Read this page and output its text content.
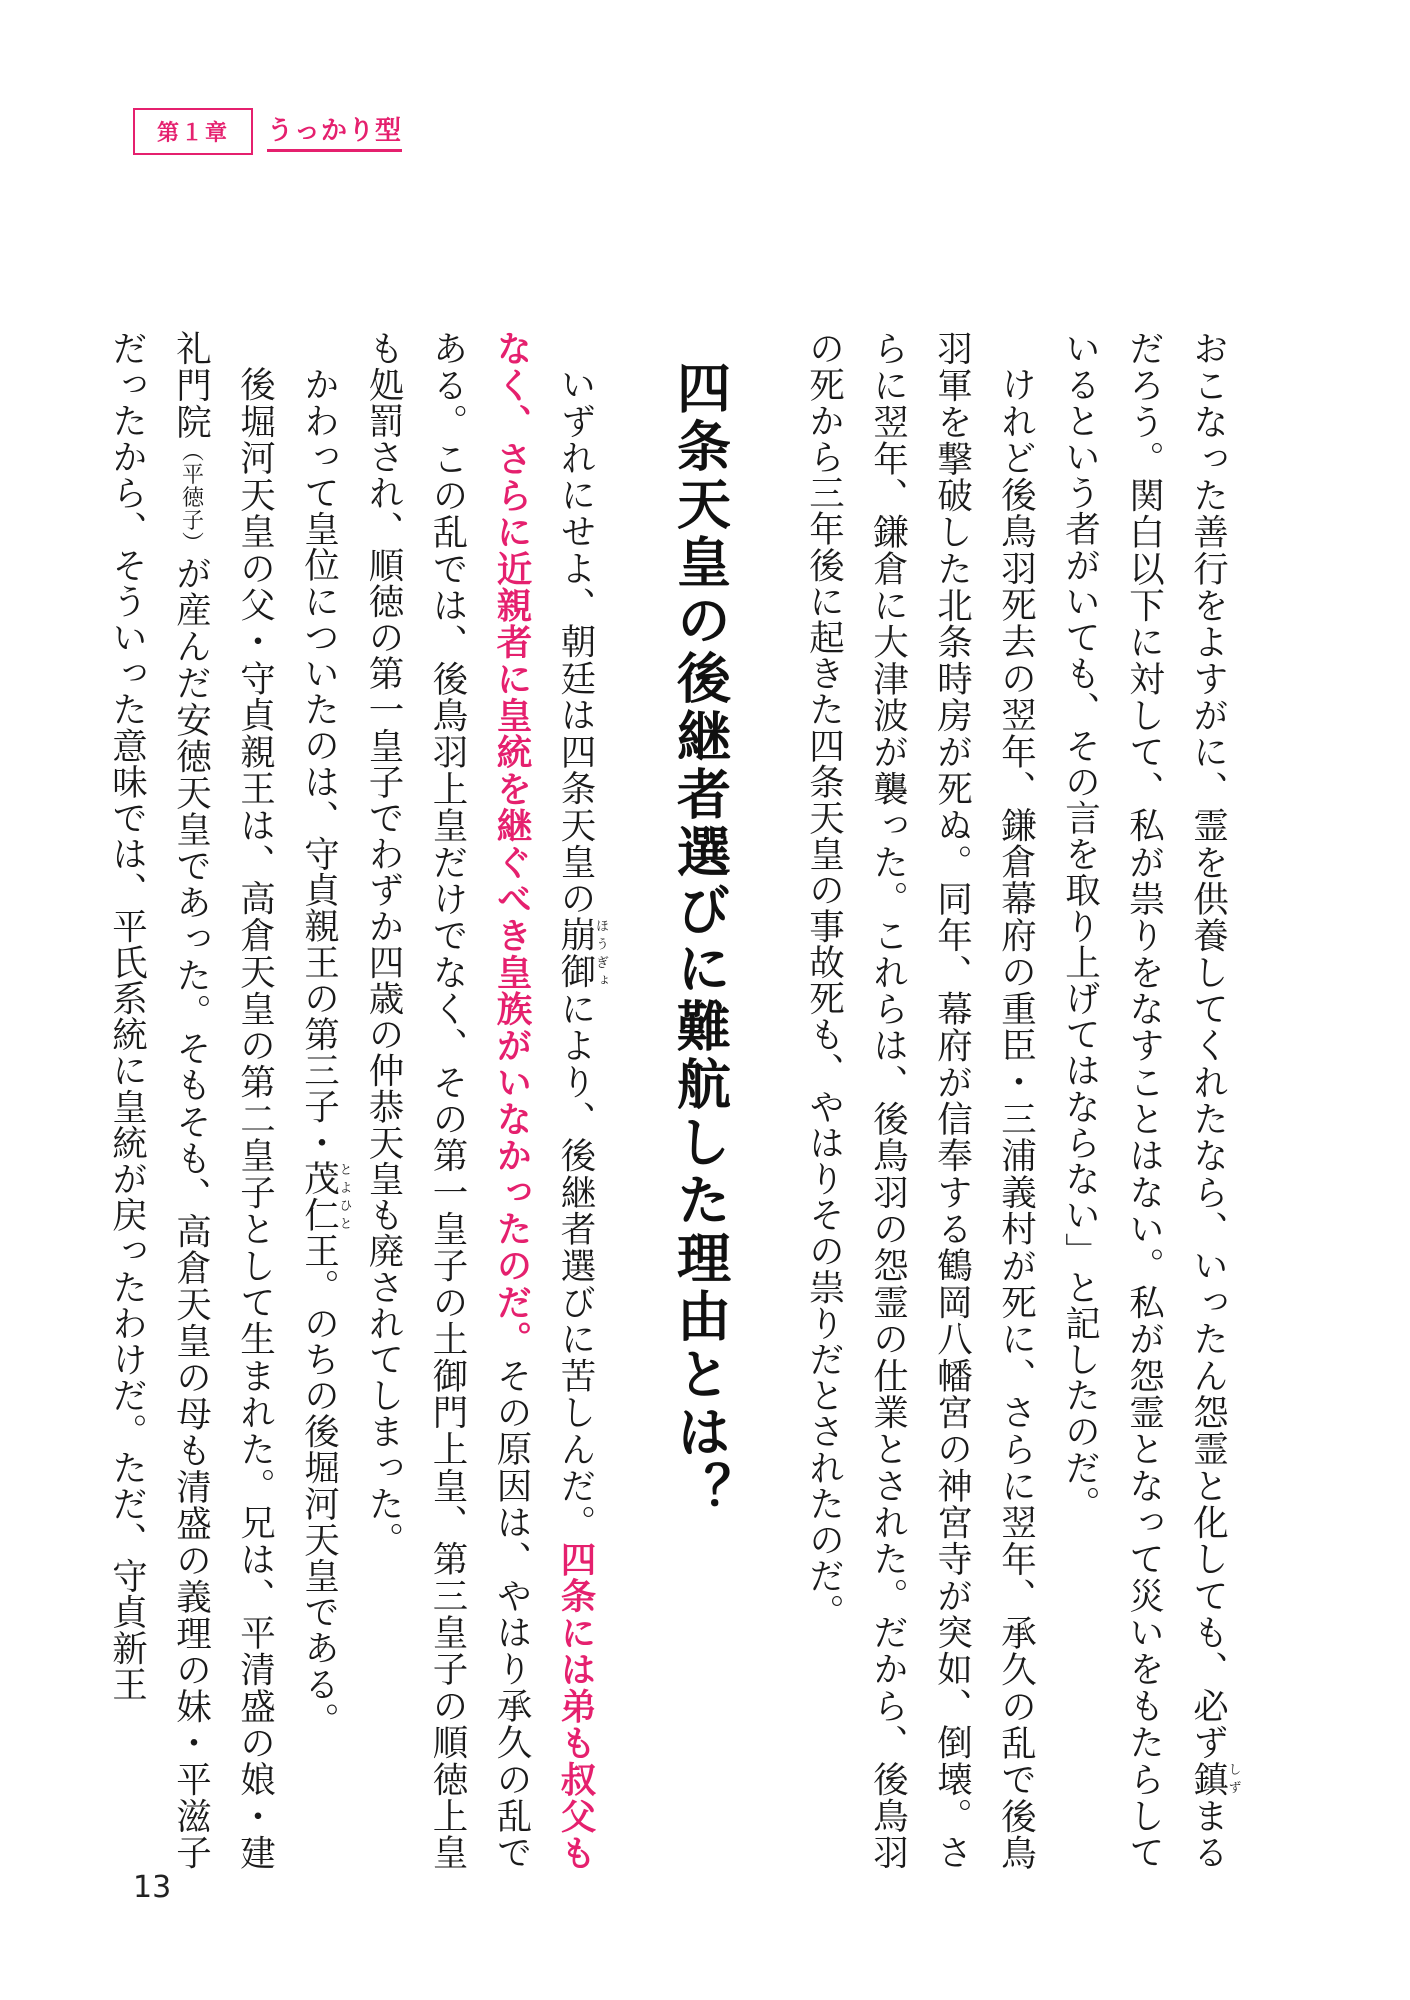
第１章	うっかり型

おこなった善行をよすがに、霊を供養してくれたなら、いったん怨霊と化しても、必ず鎮しずまるだろう。関白以下に対して、私が祟りをなすことはない。私が怨霊となって災いをもたらしているという者がいても、その言を取り上げてはならない」と記したのだ。

けれど後鳥羽死去の翌年、鎌倉幕府の重臣・三浦義村が死に、さらに翌年、承久の乱で後鳥羽軍を撃破した北条時房が死ぬ。同年、幕府が信奉する鶴岡八幡宮の神宮寺が突如、倒壊。さらに翌年、鎌倉に大津波が襲った。これらは、後鳥羽の怨霊の仕業とされた。だから、後鳥羽の死から三年後に起きた四条天皇の事故死も、やはりその祟りだとされたのだ。

四条天皇の後継者選びに難航した理由とは？

いずれにせよ、朝廷は四条天皇の崩御ほうぎょにより、後継者選びに苦しんだ。四条には弟も叔父もなく、さらに近親者に皇統を継ぐべき皇族がいなかったのだ。その原因は、やはり承久の乱である。この乱では、後鳥羽上皇だけでなく、その第一皇子の土御門上皇、第三皇子の順徳上皇も処罰され、順徳の第一皇子でわずか四歳の仲恭天皇も廃されてしまった。

かわって皇位についたのは、守貞親王の第三子・茂仁とよひと王。のちの後堀河天皇である。

後堀河天皇の父・守貞親王は、高倉天皇の第二皇子として生まれた。兄は、平清盛の娘・建礼門院（平徳子）が産んだ安徳天皇であった。そもそも、高倉天皇の母も清盛の義理の妹・平滋子だったから、そういった意味では、平氏系統に皇統が戻ったわけだ。ただ、守貞新王

13
